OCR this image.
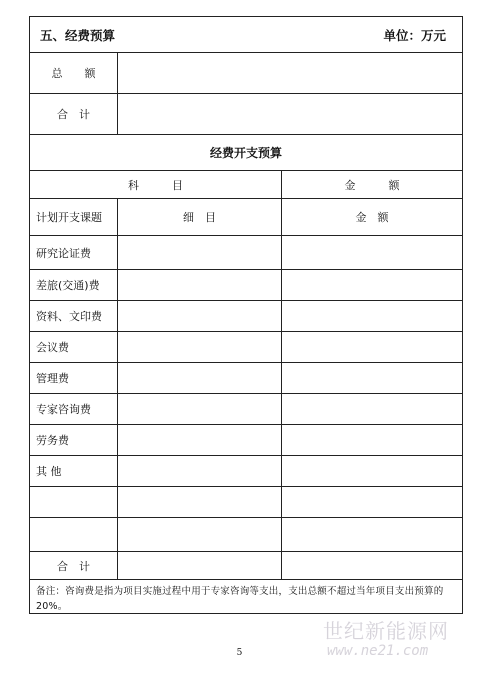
五、经费预算	单位：万元
总　　额
合　计
经费开支预算
科　　　目	金　　　额
计划开支课题	细　目	金　额
研究论证费
差旅(交通)费
资料、文印费
会议费
管理费
专家咨询费
劳务费
其 他
合　计
备注：咨询费是指为项目实施过程中用于专家咨询等支出，支出总额不超过当年项目支出预算的20%。
5
世纪新能源网
www.ne21.com
